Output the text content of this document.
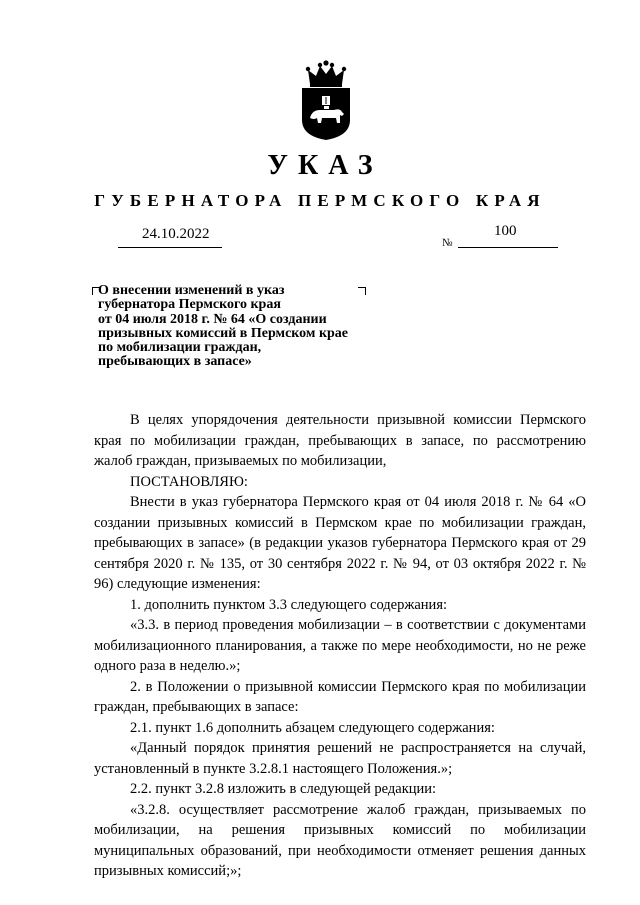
УКАЗ
ГУБЕРНАТОРА ПЕРМСКОГО КРАЯ
24.10.2022
№
100
О внесении изменений в указ
губернатора Пермского края
от 04 июля 2018 г. № 64 «О создании
призывных комиссий в Пермском крае
по мобилизации граждан,
пребывающих в запасе»

В целях упорядочения деятельности призывной комиссии Пермского края по мобилизации граждан, пребывающих в запасе, по рассмотрению жалоб граждан, призываемых по мобилизации,

ПОСТАНОВЛЯЮ:

Внести в указ губернатора Пермского края от 04 июля 2018 г. № 64 «О создании призывных комиссий в Пермском крае по мобилизации граждан, пребывающих в запасе» (в редакции указов губернатора Пермского края от 29 сентября 2020 г. № 135, от 30 сентября 2022 г. № 94, от 03 октября 2022 г. № 96) следующие изменения:

1. дополнить пунктом 3.3 следующего содержания:

«3.3. в период проведения мобилизации – в соответствии с документами мобилизационного планирования, а также по мере необходимости, но не реже одного раза в неделю.»;

2. в Положении о призывной комиссии Пермского края по мобилизации граждан, пребывающих в запасе:

2.1. пункт 1.6 дополнить абзацем следующего содержания:

«Данный порядок принятия решений не распространяется на случай, установленный в пункте 3.2.8.1 настоящего Положения.»;

2.2. пункт 3.2.8 изложить в следующей редакции:

«3.2.8. осуществляет рассмотрение жалоб граждан, призываемых по мобилизации, на решения призывных комиссий по мобилизации муниципальных образований, при необходимости отменяет решения данных призывных комиссий;»;
